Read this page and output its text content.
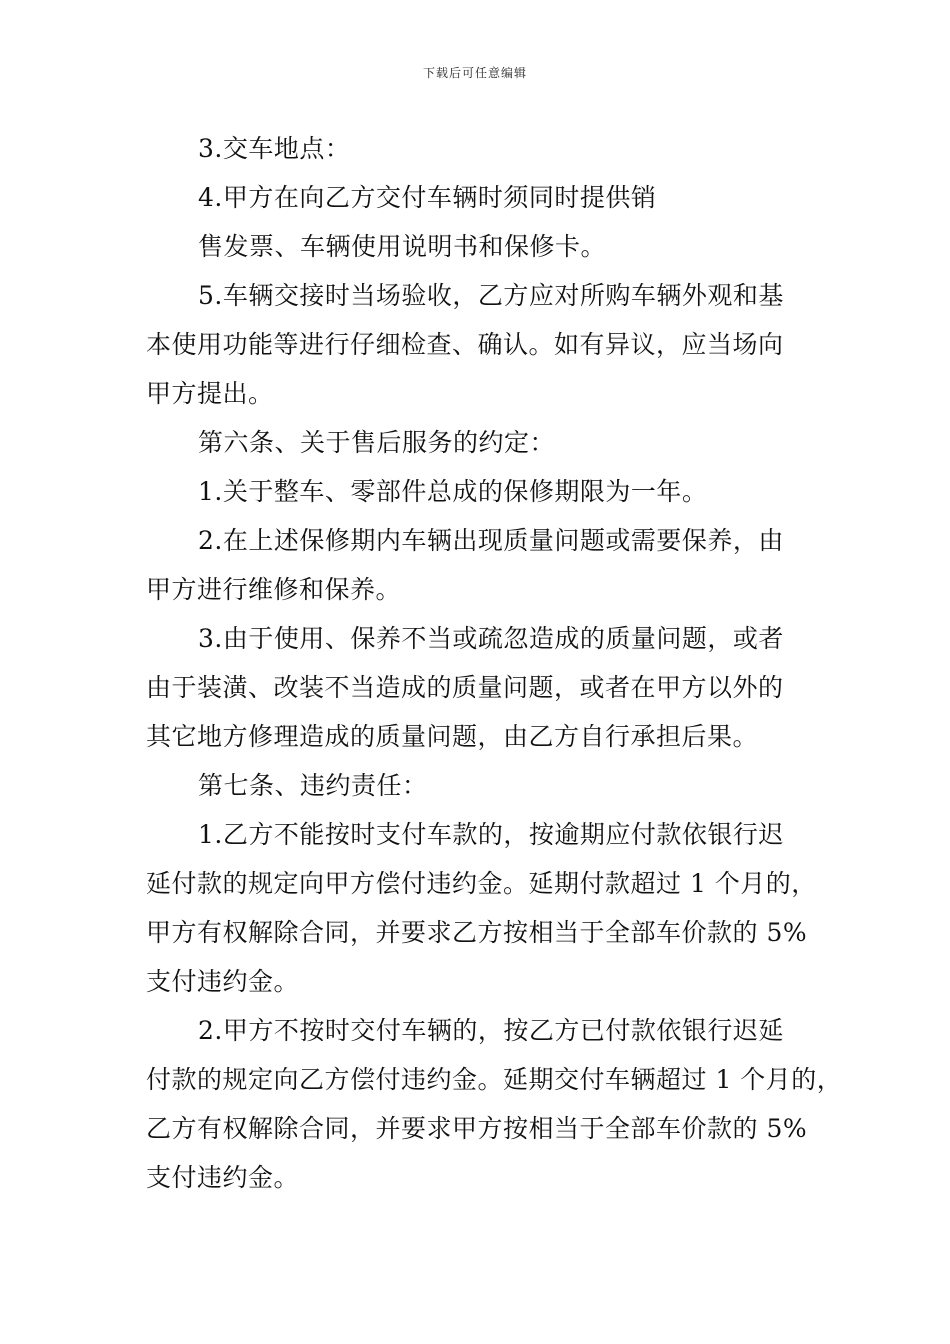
下载后可任意编辑
3.交车地点：
4.甲方在向乙方交付车辆时须同时提供销
售发票、车辆使用说明书和保修卡。
5.车辆交接时当场验收，乙方应对所购车辆外观和基
本使用功能等进行仔细检查、确认。如有异议，应当场向
甲方提出。
第六条、关于售后服务的约定：
1.关于整车、零部件总成的保修期限为一年。
2.在上述保修期内车辆出现质量问题或需要保养，由
甲方进行维修和保养。
3.由于使用、保养不当或疏忽造成的质量问题，或者
由于装潢、改装不当造成的质量问题，或者在甲方以外的
其它地方修理造成的质量问题，由乙方自行承担后果。
第七条、违约责任：
1.乙方不能按时支付车款的，按逾期应付款依银行迟
延付款的规定向甲方偿付违约金。延期付款超过 1 个月的，
甲方有权解除合同，并要求乙方按相当于全部车价款的 5%
支付违约金。
2.甲方不按时交付车辆的，按乙方已付款依银行迟延
付款的规定向乙方偿付违约金。延期交付车辆超过 1 个月的，
乙方有权解除合同，并要求甲方按相当于全部车价款的 5%
支付违约金。
